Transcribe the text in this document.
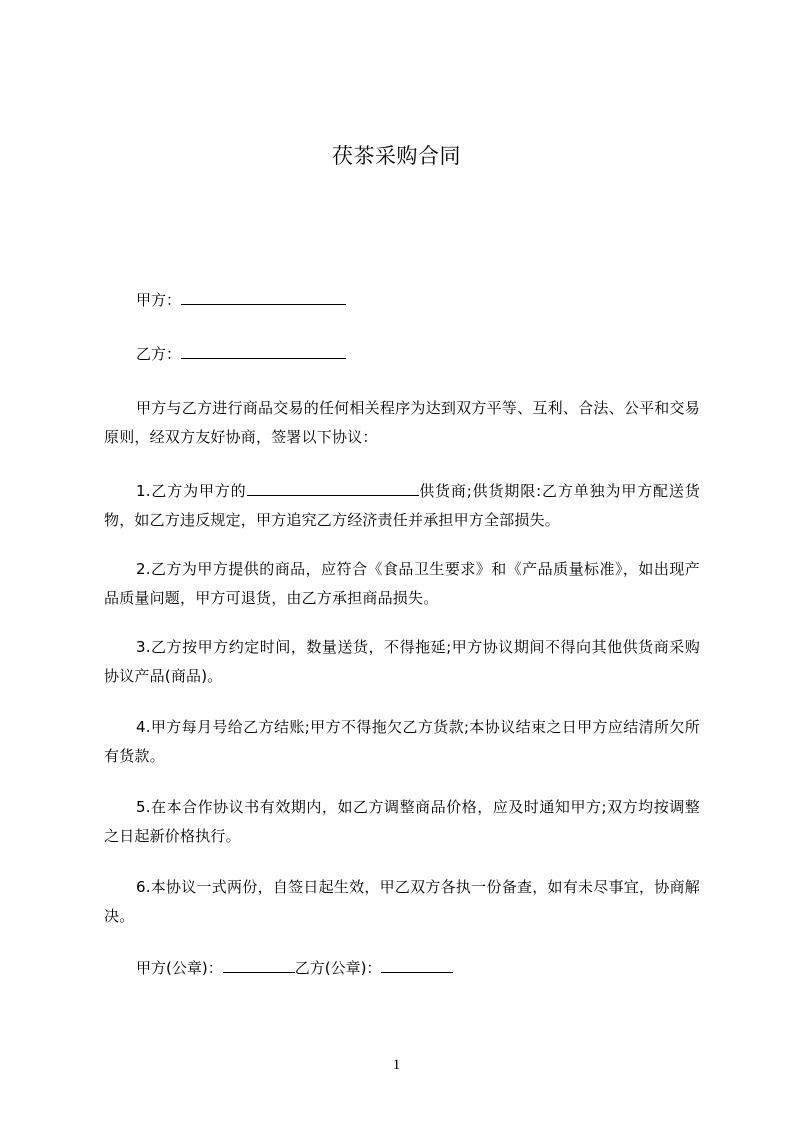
茯茶采购合同
甲方：
乙方：
甲方与乙方进行商品交易的任何相关程序为达到双方平等、互利、合法、公平和交易原则，经双方友好协商，签署以下协议：
1.乙方为甲方的	供货商;供货期限:乙方单独为甲方配送货物，如乙方违反规定，甲方追究乙方经济责任并承担甲方全部损失。
2.乙方为甲方提供的商品，应符合《食品卫生要求》和《产品质量标准》，如出现产品质量问题，甲方可退货，由乙方承担商品损失。
3.乙方按甲方约定时间，数量送货，不得拖延;甲方协议期间不得向其他供货商采购协议产品(商品)。
4.甲方每月号给乙方结账;甲方不得拖欠乙方货款;本协议结束之日甲方应结清所欠所有货款。
5.在本合作协议书有效期内，如乙方调整商品价格，应及时通知甲方;双方均按调整之日起新价格执行。
6.本协议一式两份，自签日起生效，甲乙双方各执一份备查，如有未尽事宜，协商解决。
甲方(公章)：	乙方(公章)：
1
